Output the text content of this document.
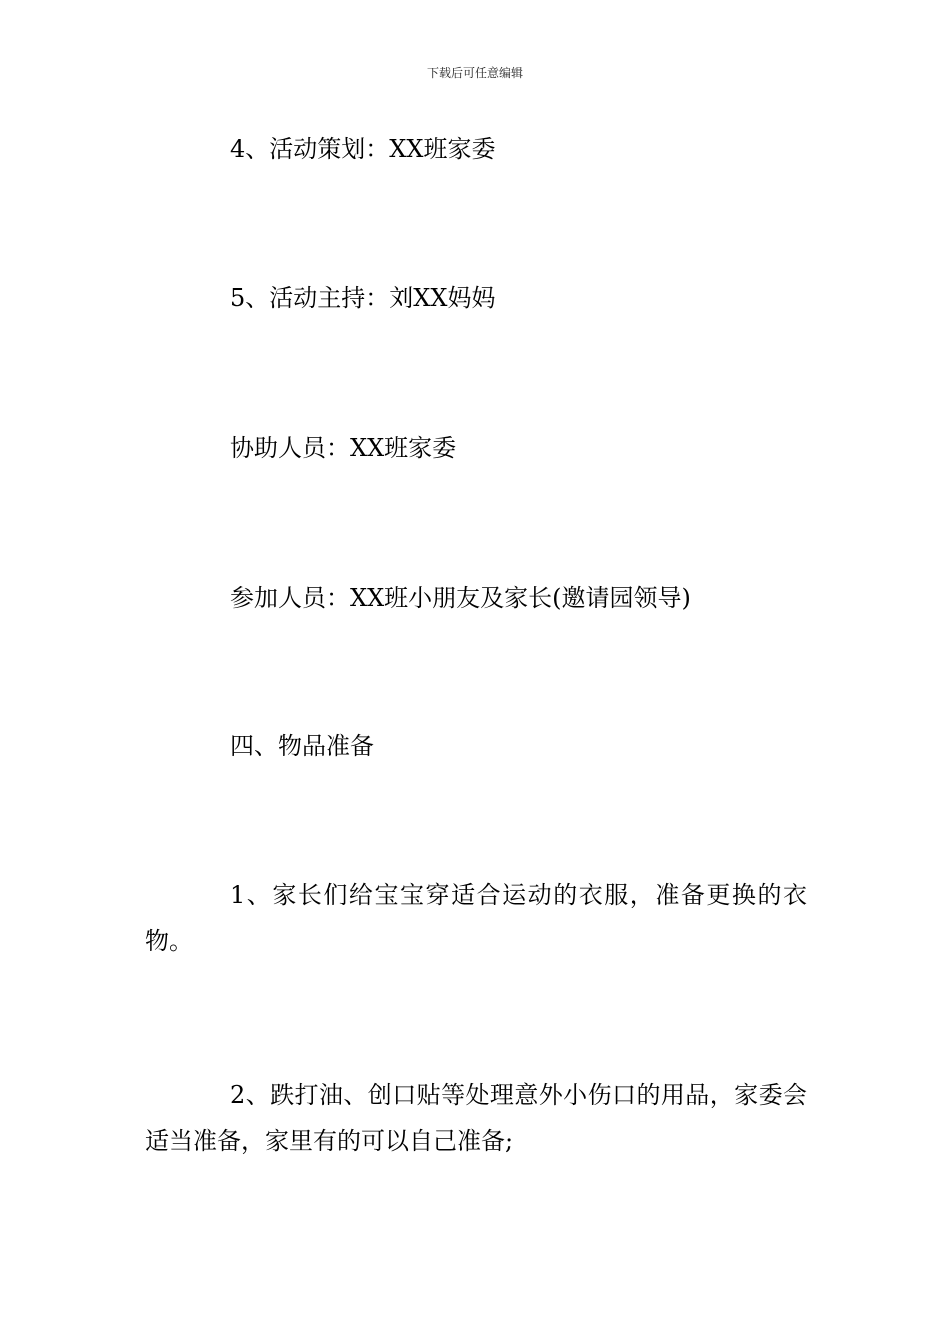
下载后可任意编辑

4、活动策划：XX班家委

5、活动主持：刘XX妈妈

协助人员：XX班家委

参加人员：XX班小朋友及家长(邀请园领导)

四、物品准备

1、家长们给宝宝穿适合运动的衣服，准备更换的衣物。

2、跌打油、创口贴等处理意外小伤口的用品，家委会适当准备，家里有的可以自己准备;
